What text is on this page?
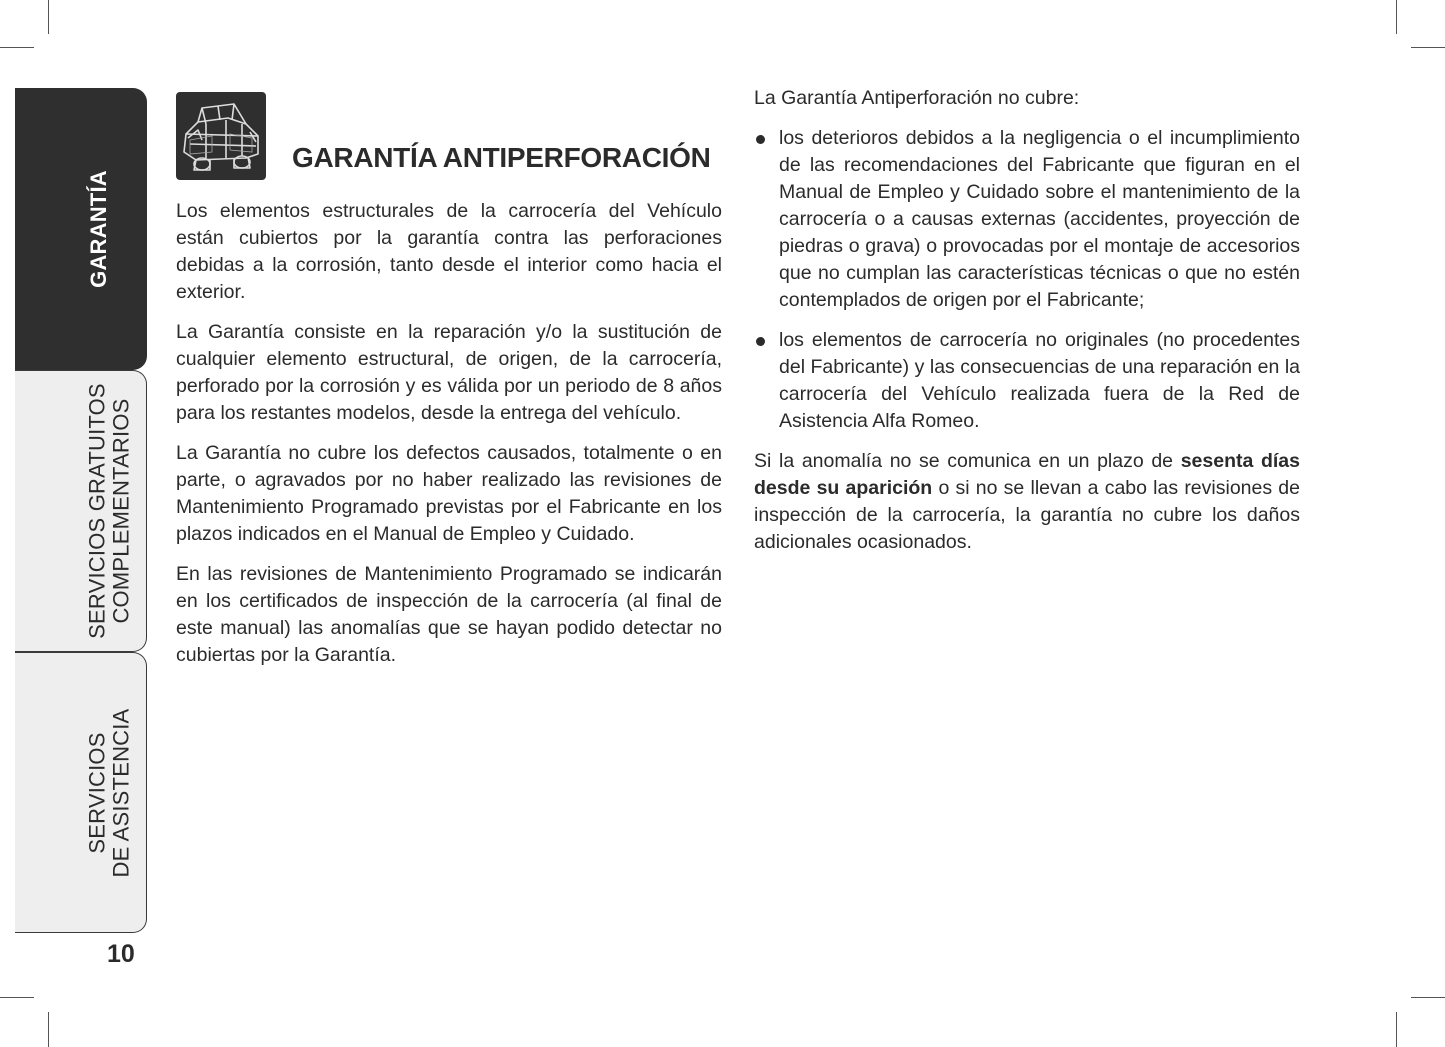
GARANTÍA
SERVICIOS GRATUITOS
COMPLEMENTARIOS
SERVICIOS
DE ASISTENCIA
10
GARANTÍA ANTIPERFORACIÓN

Los elementos estructurales de la carrocería del Vehículo están cubiertos por la garantía contra las perforaciones debidas a la corrosión, tanto desde el interior como hacia el exterior.

La Garantía consiste en la reparación y/o la sustitución de cualquier elemento estructural, de origen, de la carrocería, perforado por la corrosión y es válida por un periodo de 8 años para los restantes modelos, desde la entrega del vehículo.

La Garantía no cubre los defectos causados, totalmente o en parte, o agravados por no haber realizado las revisiones de Mantenimiento Programado previstas por el Fabricante en los plazos indicados en el Manual de Empleo y Cuidado.

En las revisiones de Mantenimiento Programado se indicarán en los certificados de inspección de la carrocería (al final de este manual) las anomalías que se hayan podido detectar no cubiertas por la Garantía.

La Garantía Antiperforación no cubre:

los deterioros debidos a la negligencia o el incumplimiento de las recomendaciones del Fabricante que figuran en el Manual de Empleo y Cuidado sobre el mantenimiento de la carrocería o a causas externas (accidentes, proyección de piedras o grava) o provocadas por el montaje de accesorios que no cumplan las características técnicas o que no estén contemplados de origen por el Fabricante;
los elementos de carrocería no originales (no procedentes del Fabricante) y las consecuencias de una reparación en la carrocería del Vehículo realizada fuera de la Red de Asistencia Alfa Romeo.

Si la anomalía no se comunica en un plazo de sesenta días desde su aparición o si no se llevan a cabo las revisiones de inspección de la carrocería, la garantía no cubre los daños adicionales ocasionados.
